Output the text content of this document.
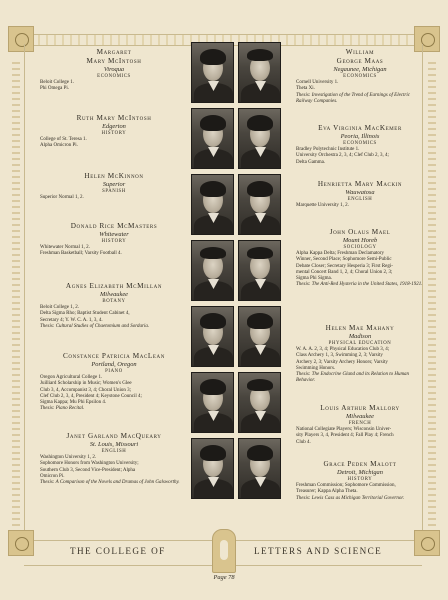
Margaret
Mary McIntosh
Viroqua
ECONOMICS
Beloit College 1.
Phi Omega Pi.
Ruth Mary McIntosh
Edgerton
HISTORY
College of St. Teresa 1.
Alpha Omicron Pi.
Helen McKinnon
Superior
SPANISH
Superior Normal 1, 2.
Donald Rice McMasters
Whitewater
HISTORY
Whitewater Normal 1, 2.
Freshman Basketball; Varsity Football 4.
Agnes Elizabeth McMillan
Milwaukee
BOTANY
Beloit College 1, 2.
Delta Sigma Rho; Baptist Student Cabinet 4,
Secretary 4; Y. W. C. A. 1, 3, 4.
Thesis: Cultural Studies of Chaetomium and Sordaria.
Constance Patricia MacLean
Portland, Oregon
PIANO
Oregon Agricultural College 1.
Juilliard Scholarship in Music; Women's Glee
Club 3, 4, Accompanist 3, 4; Choral Union 3;
Clef Club 2, 3, 4, President 4; Keystone Council 4;
Sigma Kappa; Mu Phi Epsilon 4.
Thesis: Piano Recital.
Janet Garland MacQueary
St. Louis, Missouri
ENGLISH
Washington University 1, 2.
Sophomore Honors from Washington University;
Southern Club 3, Second Vice-President; Alpha
Omicron Pi.
Thesis: A Comparison of the Novels and Dramas of John Galsworthy.
William
George Maas
Negaunee, Michigan
ECONOMICS
Cornell University 1.
Theta Xi.
Thesis: Investigation of the Trend of Earnings of Electric Railway Companies.
Eva Virginia MacKemer
Peoria, Illinois
ECONOMICS
Bradley Polytechnic Institute 1.
University Orchestra 2, 3, 4; Clef Club 2, 3, 4;
Delta Gamma.
Henrietta Mary Mackin
Wauwatosa
ENGLISH
Marquette University 1, 2.
John Olaus Mael
Mount Horeb
SOCIOLOGY
Alpha Kappa Delta; Freshman Declamatory
Winner, Second Place; Sophomore Semi-Public
Debate Closer; Secretary Hesperia 3; First Regi-
mental Concert Band 1, 2, 4; Choral Union 2, 3;
Sigma Phi Sigma.
Thesis: The Anti-Red Hysteria in the United States, 1918-1921.
Helen Mae Mahany
Madison
PHYSICAL EDUCATION
W. A. A. 2, 3, 4; Physical Education Club 3, 4;
Class Archery 1, 3, Swimming 2, 3; Varsity
Archery 2, 3; Varsity Archery Honors; Varsity
Swimming Honors.
Thesis: The Endocrine Gland and its Relation to Human Behavior.
Louis Arthur Mallory
Milwaukee
FRENCH
National Collegiate Players; Wisconsin Univer-
sity Players 3, 4, President 4; Fall Play 4; French
Club 4.
Grace Peden Malott
Detroit, Michigan
HISTORY
Freshman Commission; Sophomore Commission,
Treasurer; Kappa Alpha Theta.
Thesis: Lewis Cass as Michigan Territorial Governor.
THE COLLEGE OF	LETTERS AND SCIENCE
Page 78
